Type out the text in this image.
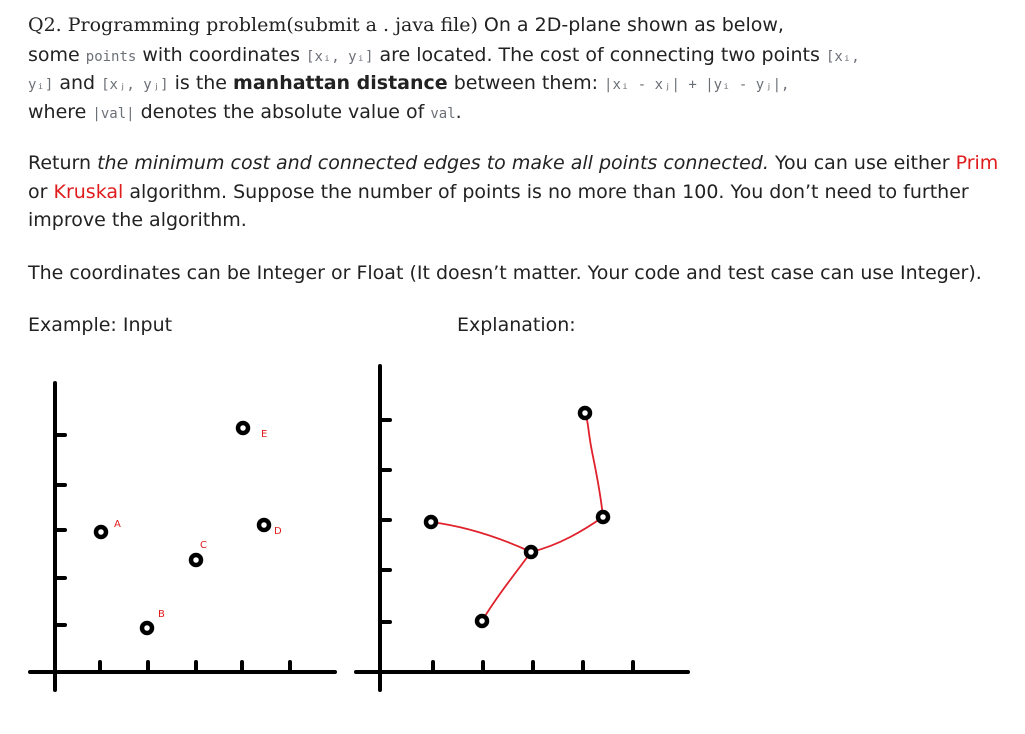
Q2. Programming problem(submit a . java file) On a 2D-plane shown as below,
some points with coordinates [xᵢ, yᵢ] are located. The cost of connecting two points [xᵢ,
yᵢ] and [xⱼ, yⱼ] is the manhattan distance between them: |xᵢ - xⱼ| + |yᵢ - yⱼ|,
where |val| denotes the absolute value of val.
Return the minimum cost and connected edges to make all points connected. You can use either Prim
or Kruskal algorithm. Suppose the number of points is no more than 100. You don’t need to further
improve the algorithm.
The coordinates can be Integer or Float (It doesn’t matter. Your code and test case can use Integer).
Example: Input	Explanation:
A
B
C
D
E
